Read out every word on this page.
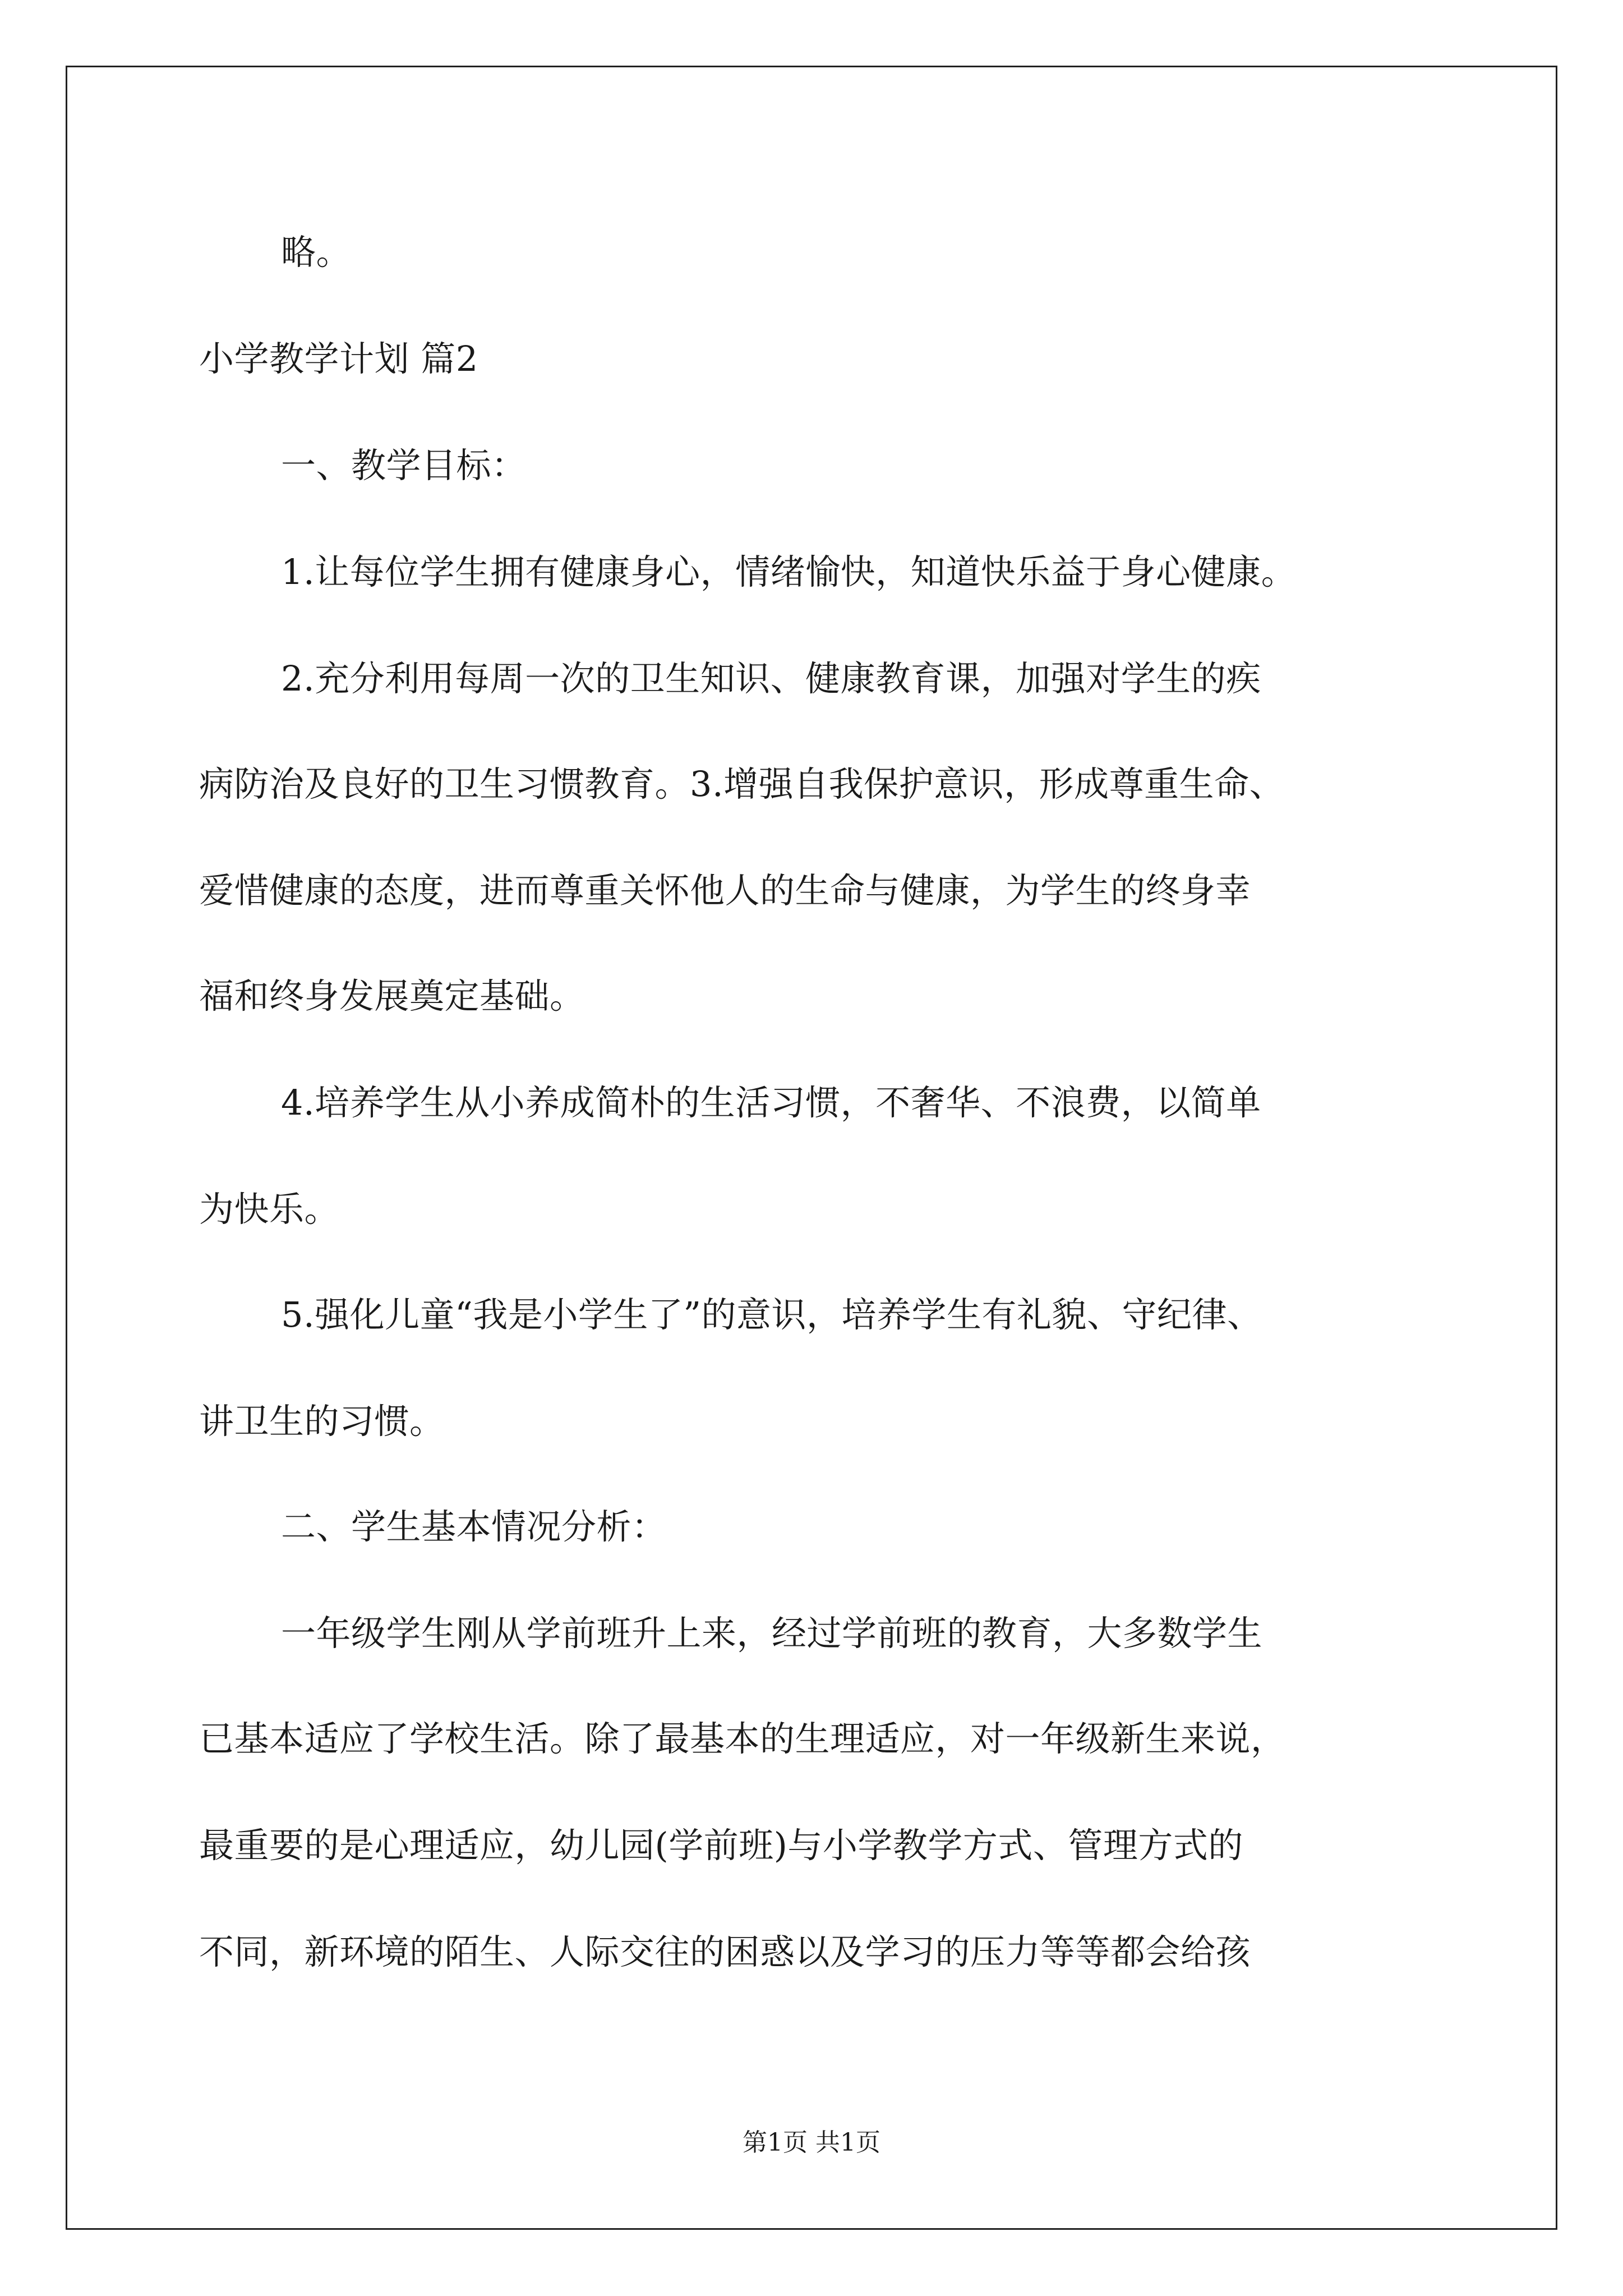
略。
小学教学计划 篇2
一、教学目标：
1.让每位学生拥有健康身心，情绪愉快，知道快乐益于身心健康。
2.充分利用每周一次的卫生知识、健康教育课，加强对学生的疾
病防治及良好的卫生习惯教育。3.增强自我保护意识，形成尊重生命、
爱惜健康的态度，进而尊重关怀他人的生命与健康，为学生的终身幸
福和终身发展奠定基础。
4.培养学生从小养成简朴的生活习惯，不奢华、不浪费，以简单
为快乐。
5.强化儿童“我是小学生了”的意识，培养学生有礼貌、守纪律、
讲卫生的习惯。
二、学生基本情况分析：
一年级学生刚从学前班升上来，经过学前班的教育，大多数学生
已基本适应了学校生活。除了最基本的生理适应，对一年级新生来说，
最重要的是心理适应，幼儿园(学前班)与小学教学方式、管理方式的
不同，新环境的陌生、人际交往的困惑以及学习的压力等等都会给孩
第1页 共1页
